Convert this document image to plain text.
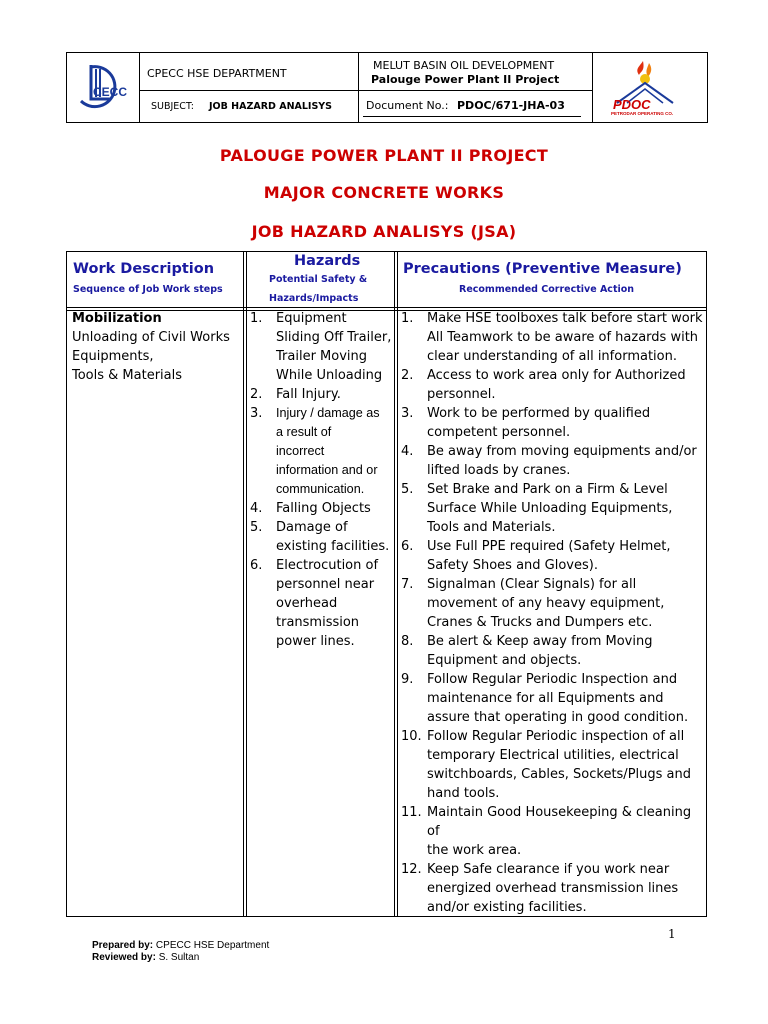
CECC
CPECC HSE DEPARTMENT
SUBJECT: JOB HAZARD ANALISYS
MELUT BASIN OIL DEVELOPMENT
Palouge Power Plant II Project
Document No.: PDOC/671-JHA-03	PDOC
PETRODAR OPERATING CO.
PALOUGE POWER PLANT II PROJECT
MAJOR CONCRETE WORKS
JOB HAZARD ANALISYS (JSA)
Work Description
Sequence of Job Work steps
Hazards
Potential Safety &
Hazards/Impacts
Precautions (Preventive Measure)
Recommended Corrective Action
Mobilization
Unloading of Civil Works
Equipments,
Tools & Materials
1. Equipment
Sliding Off Trailer,
Trailer Moving
While Unloading
2. Fall Injury.
3. Injury / damage as
a result of
incorrect
information and or
communication.
4. Falling Objects
5. Damage of
existing facilities.
6. Electrocution of
personnel near
overhead
transmission
power lines.
1. Make HSE toolboxes talk before start work
All Teamwork to be aware of hazards with
clear understanding of all information.
2. Access to work area only for Authorized
personnel.
3. Work to be performed by qualified
competent personnel.
4. Be away from moving equipments and/or
lifted loads by cranes.
5. Set Brake and Park on a Firm & Level
Surface While Unloading Equipments,
Tools and Materials.
6. Use Full PPE required (Safety Helmet,
Safety Shoes and Gloves).
7. Signalman (Clear Signals) for all
movement of any heavy equipment,
Cranes & Trucks and Dumpers etc.
8. Be alert & Keep away from Moving
Equipment and objects.
9. Follow Regular Periodic Inspection and
maintenance for all Equipments and
assure that operating in good condition.
10. Follow Regular Periodic inspection of all
temporary Electrical utilities, electrical
switchboards, Cables, Sockets/Plugs and
hand tools.
11. Maintain Good Housekeeping & cleaning of
the work area.
12. Keep Safe clearance if you work near
energized overhead transmission lines
and/or existing facilities.
1
Prepared by: CPECC HSE Department
Reviewed by: S. Sultan
